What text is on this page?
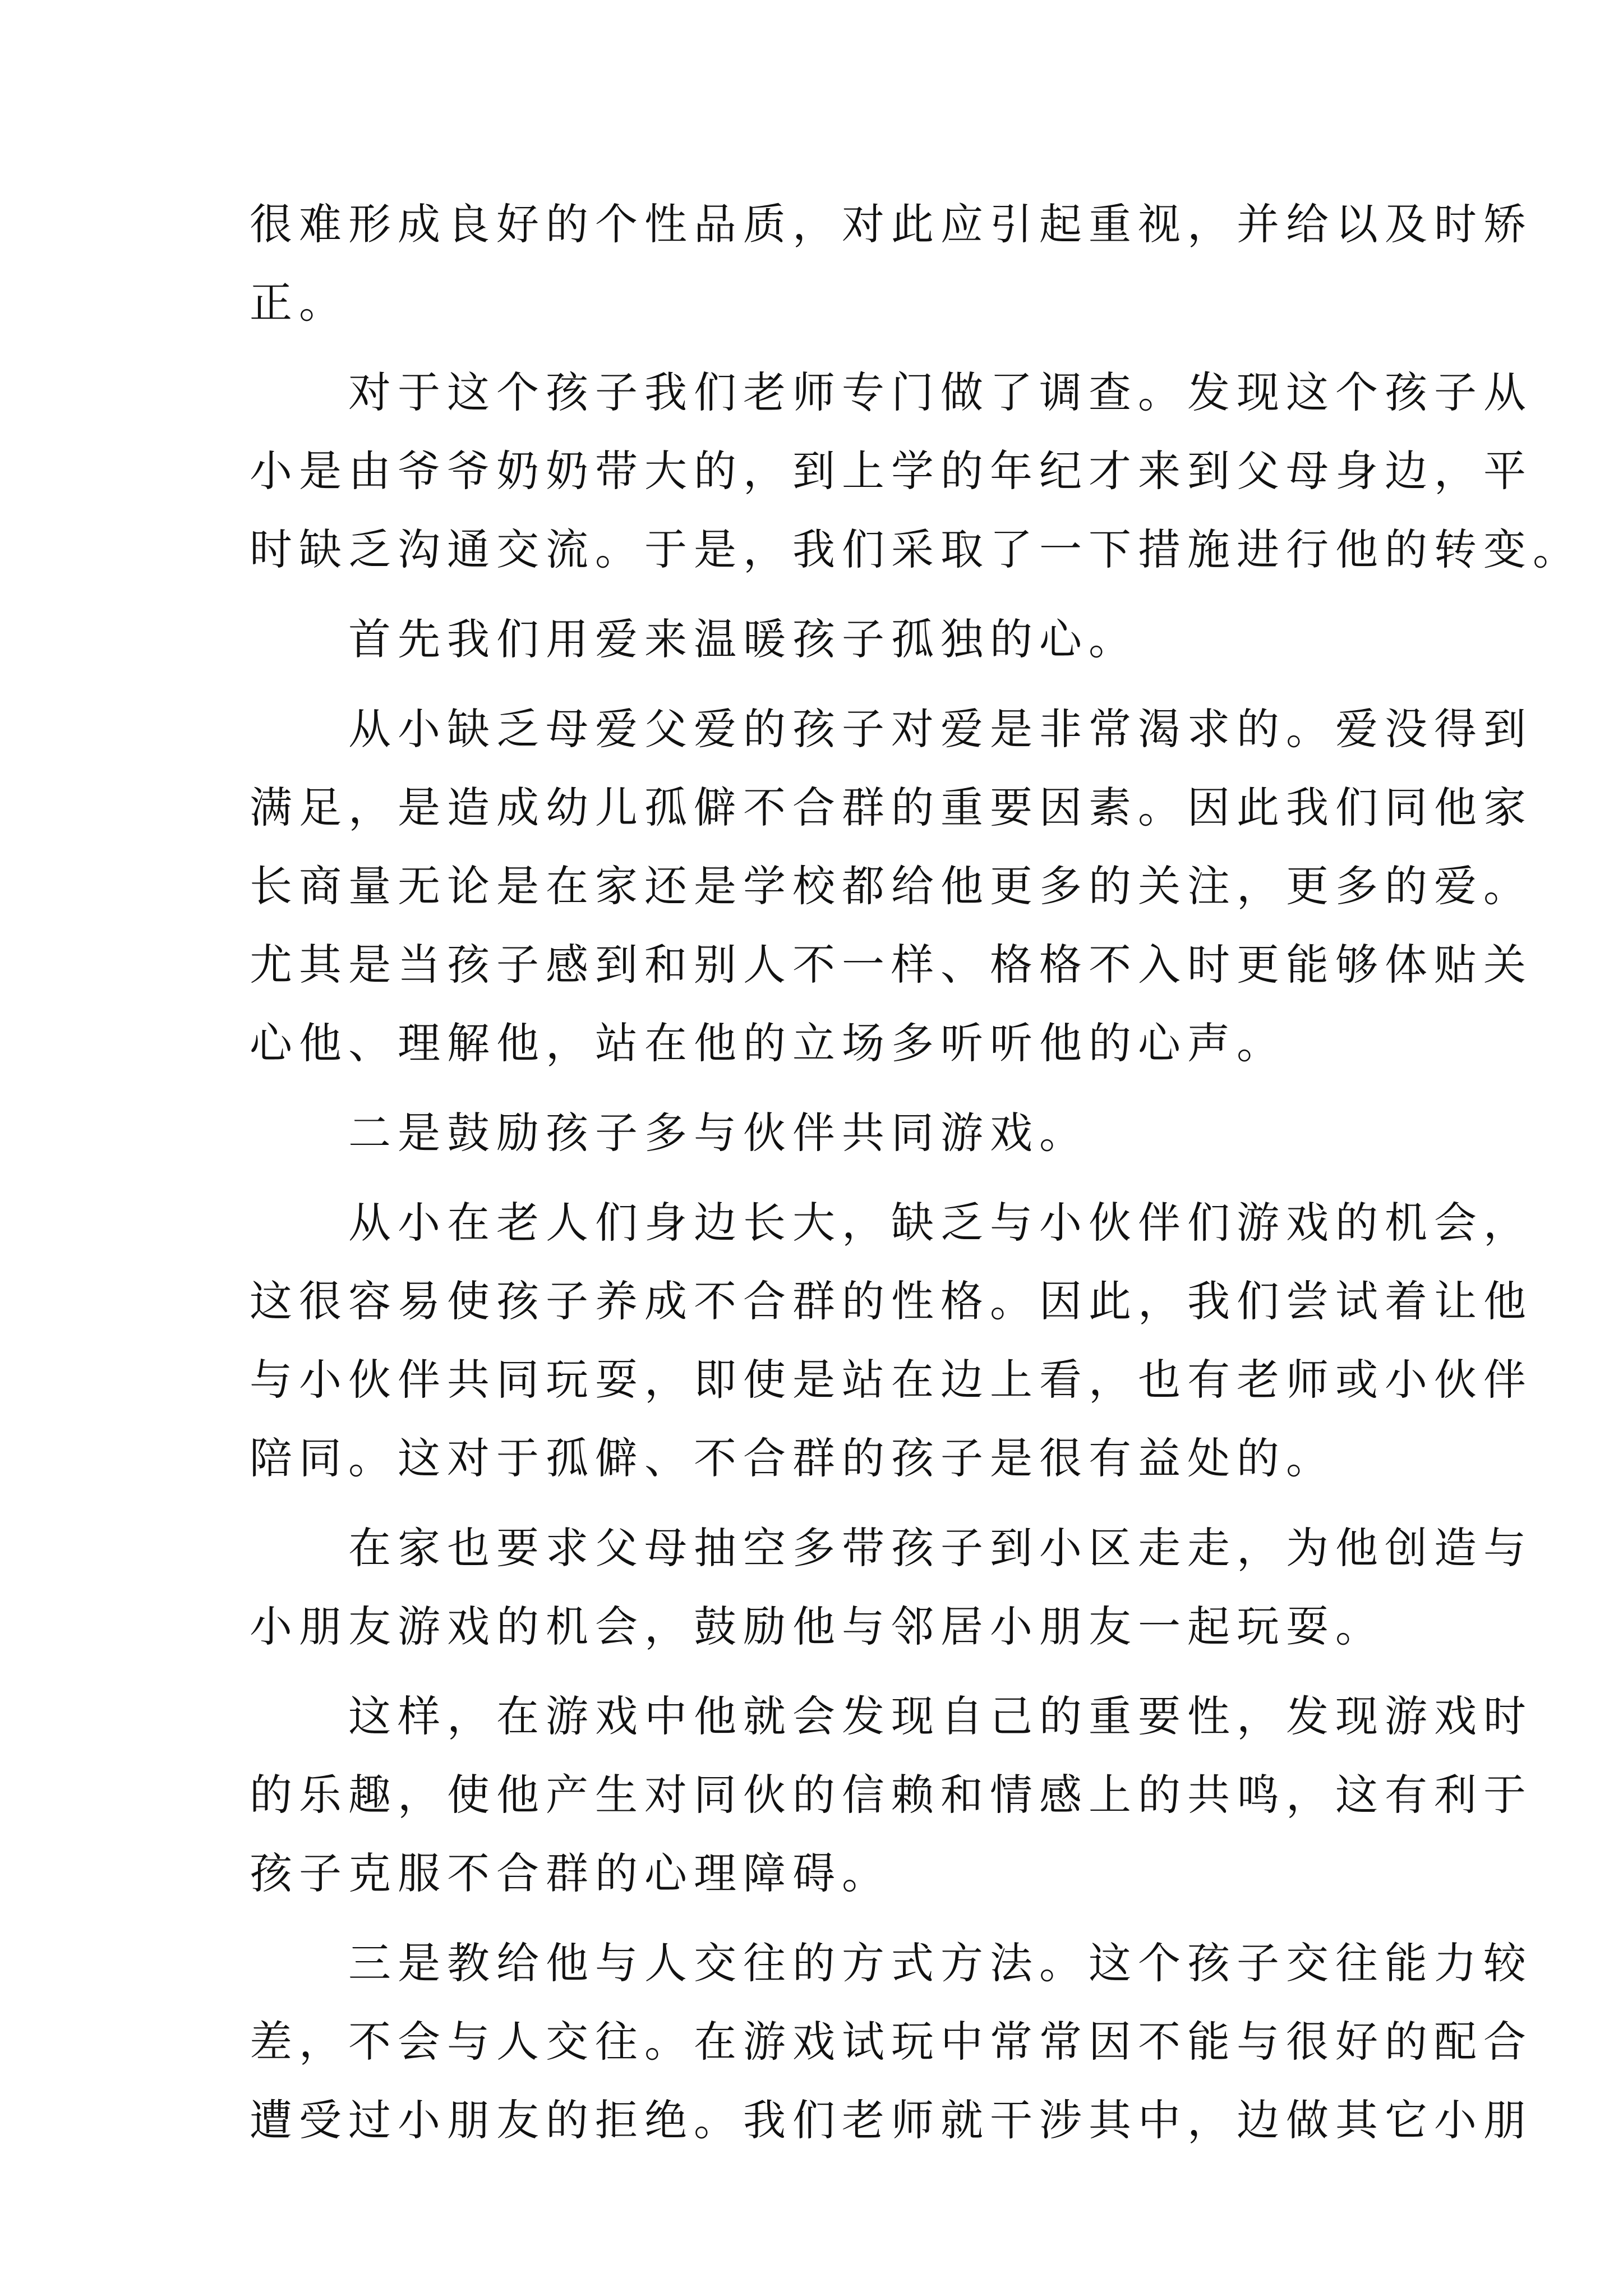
很难形成良好的个性品质，对此应引起重视，并给以及时矫
正。
对于这个孩子我们老师专门做了调查。发现这个孩子从
小是由爷爷奶奶带大的，到上学的年纪才来到父母身边，平
时缺乏沟通交流。于是，我们采取了一下措施进行他的转变。
首先我们用爱来温暖孩子孤独的心。
从小缺乏母爱父爱的孩子对爱是非常渴求的。爱没得到
满足，是造成幼儿孤僻不合群的重要因素。因此我们同他家
长商量无论是在家还是学校都给他更多的关注，更多的爱。
尤其是当孩子感到和别人不一样、格格不入时更能够体贴关
心他、理解他，站在他的立场多听听他的心声。
二是鼓励孩子多与伙伴共同游戏。
从小在老人们身边长大，缺乏与小伙伴们游戏的机会，
这很容易使孩子养成不合群的性格。因此，我们尝试着让他
与小伙伴共同玩耍，即使是站在边上看，也有老师或小伙伴
陪同。这对于孤僻、不合群的孩子是很有益处的。
在家也要求父母抽空多带孩子到小区走走，为他创造与
小朋友游戏的机会，鼓励他与邻居小朋友一起玩耍。
这样，在游戏中他就会发现自己的重要性，发现游戏时
的乐趣，使他产生对同伙的信赖和情感上的共鸣，这有利于
孩子克服不合群的心理障碍。
三是教给他与人交往的方式方法。这个孩子交往能力较
差，不会与人交往。在游戏试玩中常常因不能与很好的配合
遭受过小朋友的拒绝。我们老师就干涉其中，边做其它小朋
